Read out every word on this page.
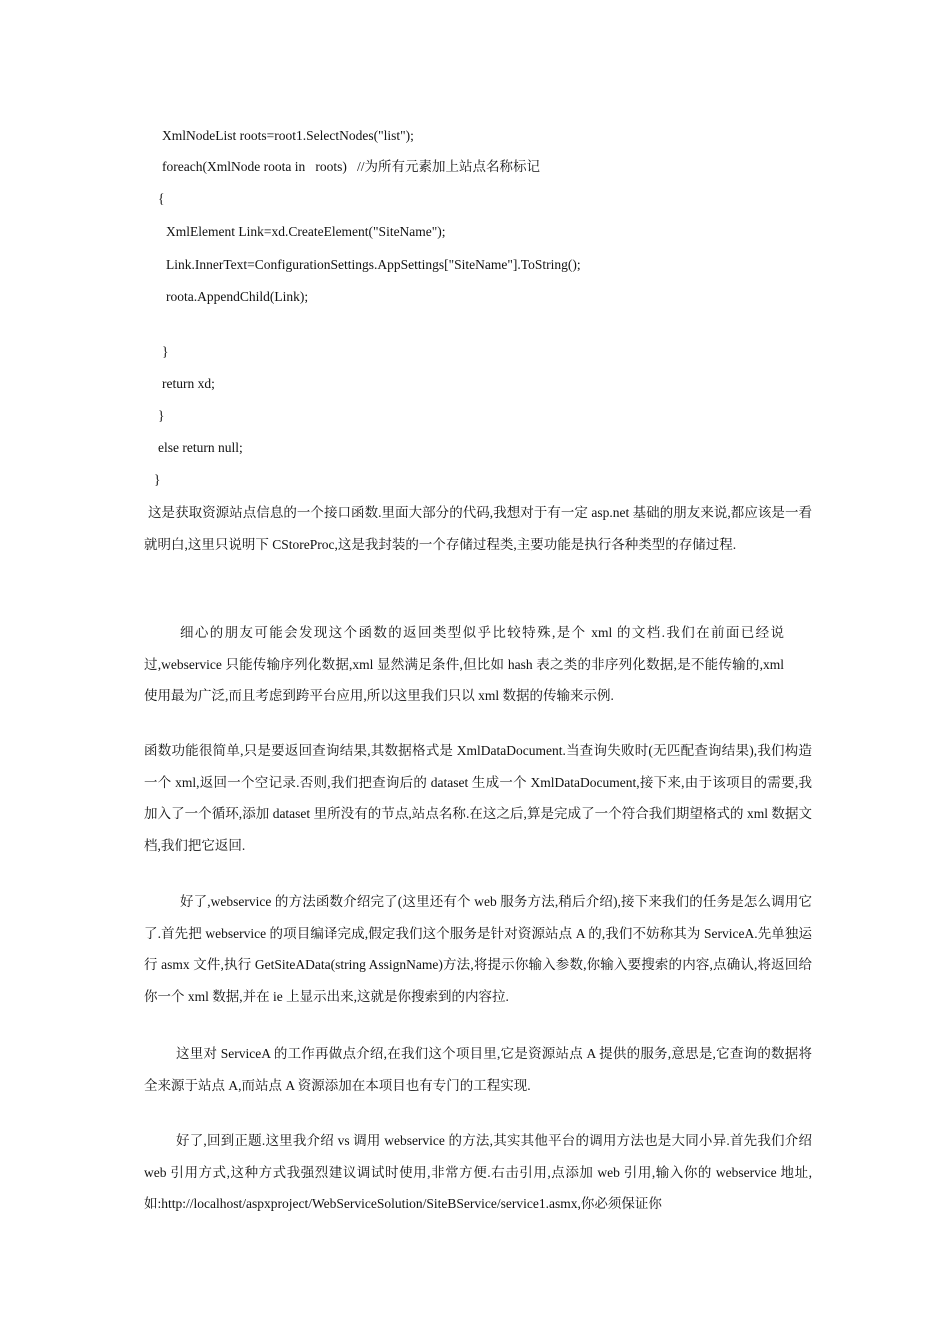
XmlNodeList roots=root1.SelectNodes("list");
foreach(XmlNode roota in   roots)   //为所有元素加上站点名称标记
{
XmlElement Link=xd.CreateElement("SiteName");
Link.InnerText=ConfigurationSettings.AppSettings["SiteName"].ToString();
roota.AppendChild(Link);
}
return xd;
}
else return null;
}
这是获取资源站点信息的一个接口函数.里面大部分的代码,我想对于有一定 asp.net 基础的朋友来说,都应该是一看就明白,这里只说明下 CStoreProc,这是我封装的一个存储过程类,主要功能是执行各种类型的存储过程.
细心的朋友可能会发现这个函数的返回类型似乎比较特殊,是个 xml 的文档.我们在前面已经说过,webservice 只能传输序列化数据,xml 显然满足条件,但比如 hash 表之类的非序列化数据,是不能传输的,xml 使用最为广泛,而且考虑到跨平台应用,所以这里我们只以 xml 数据的传输来示例.
函数功能很简单,只是要返回查询结果,其数据格式是 XmlDataDocument.当查询失败时(无匹配查询结果),我们构造一个 xml,返回一个空记录.否则,我们把查询后的 dataset 生成一个 XmlDataDocument,接下来,由于该项目的需要,我加入了一个循环,添加 dataset 里所没有的节点,站点名称.在这之后,算是完成了一个符合我们期望格式的 xml 数据文档,我们把它返回.
好了,webservice 的方法函数介绍完了(这里还有个 web 服务方法,稍后介绍),接下来我们的任务是怎么调用它了.首先把 webservice 的项目编译完成,假定我们这个服务是针对资源站点 A 的,我们不妨称其为 ServiceA.先单独运行 asmx 文件,执行 GetSiteAData(string AssignName)方法,将提示你输入参数,你输入要搜索的内容,点确认,将返回给你一个 xml 数据,并在 ie 上显示出来,这就是你搜索到的内容拉.
这里对 ServiceA 的工作再做点介绍,在我们这个项目里,它是资源站点 A 提供的服务,意思是,它查询的数据将全来源于站点 A,而站点 A 资源添加在本项目也有专门的工程实现.
好了,回到正题.这里我介绍 vs 调用 webservice 的方法,其实其他平台的调用方法也是大同小异.首先我们介绍 web 引用方式,这种方式我强烈建议调试时使用,非常方便.右击引用,点添加 web 引用,输入你的 webservice 地址,如:http://localhost/aspxproject/WebServiceSolution/SiteBService/service1.asmx,你必须保证你
